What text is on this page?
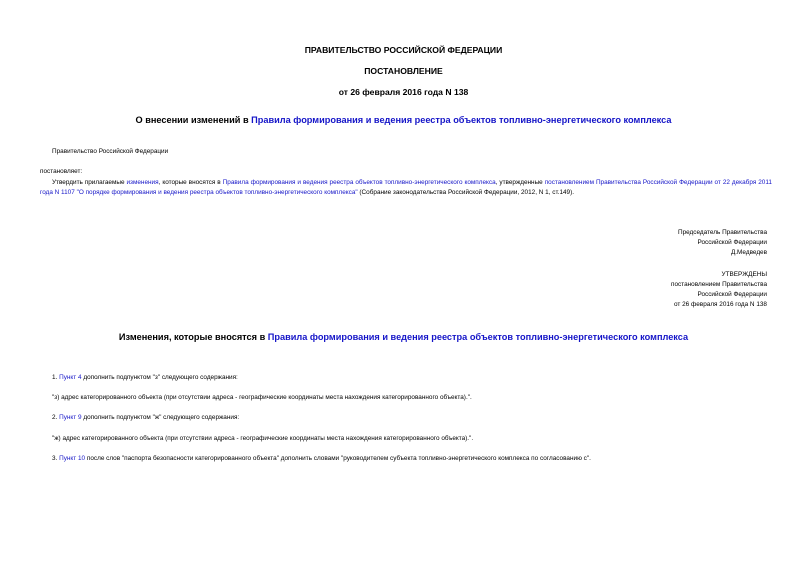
ПРАВИТЕЛЬСТВО РОССИЙСКОЙ ФЕДЕРАЦИИ
ПОСТАНОВЛЕНИЕ
от 26 февраля 2016 года N 138
О внесении изменений в Правила формирования и ведения реестра объектов топливно-энергетического комплекса
Правительство Российской Федерации
постановляет:
Утвердить прилагаемые изменения, которые вносятся в Правила формирования и ведения реестра объектов топливно-энергетического комплекса, утвержденные постановлением Правительства Российской Федерации от 22 декабря 2011 года N 1107 "О порядке формирования и ведения реестра объектов топливно-энергетического комплекса" (Собрание законодательства Российской Федерации, 2012, N 1, ст.149).
Председатель Правительства
Российской Федерации
Д.Медведев
УТВЕРЖДЕНЫ
постановлением Правительства
Российской Федерации
от 26 февраля 2016 года N 138
Изменения, которые вносятся в Правила формирования и ведения реестра объектов топливно-энергетического комплекса
1. Пункт 4 дополнить подпунктом "з" следующего содержания:
"з) адрес категорированного объекта (при отсутствии адреса - географические координаты места нахождения категорированного объекта).".
2. Пункт 9 дополнить подпунктом "ж" следующего содержания:
"ж) адрес категорированного объекта (при отсутствии адреса - географические координаты места нахождения категорированного объекта).".
3. Пункт 10 после слов "паспорта безопасности категорированного объекта" дополнить словами "руководителем субъекта топливно-энергетического комплекса по согласованию с".
